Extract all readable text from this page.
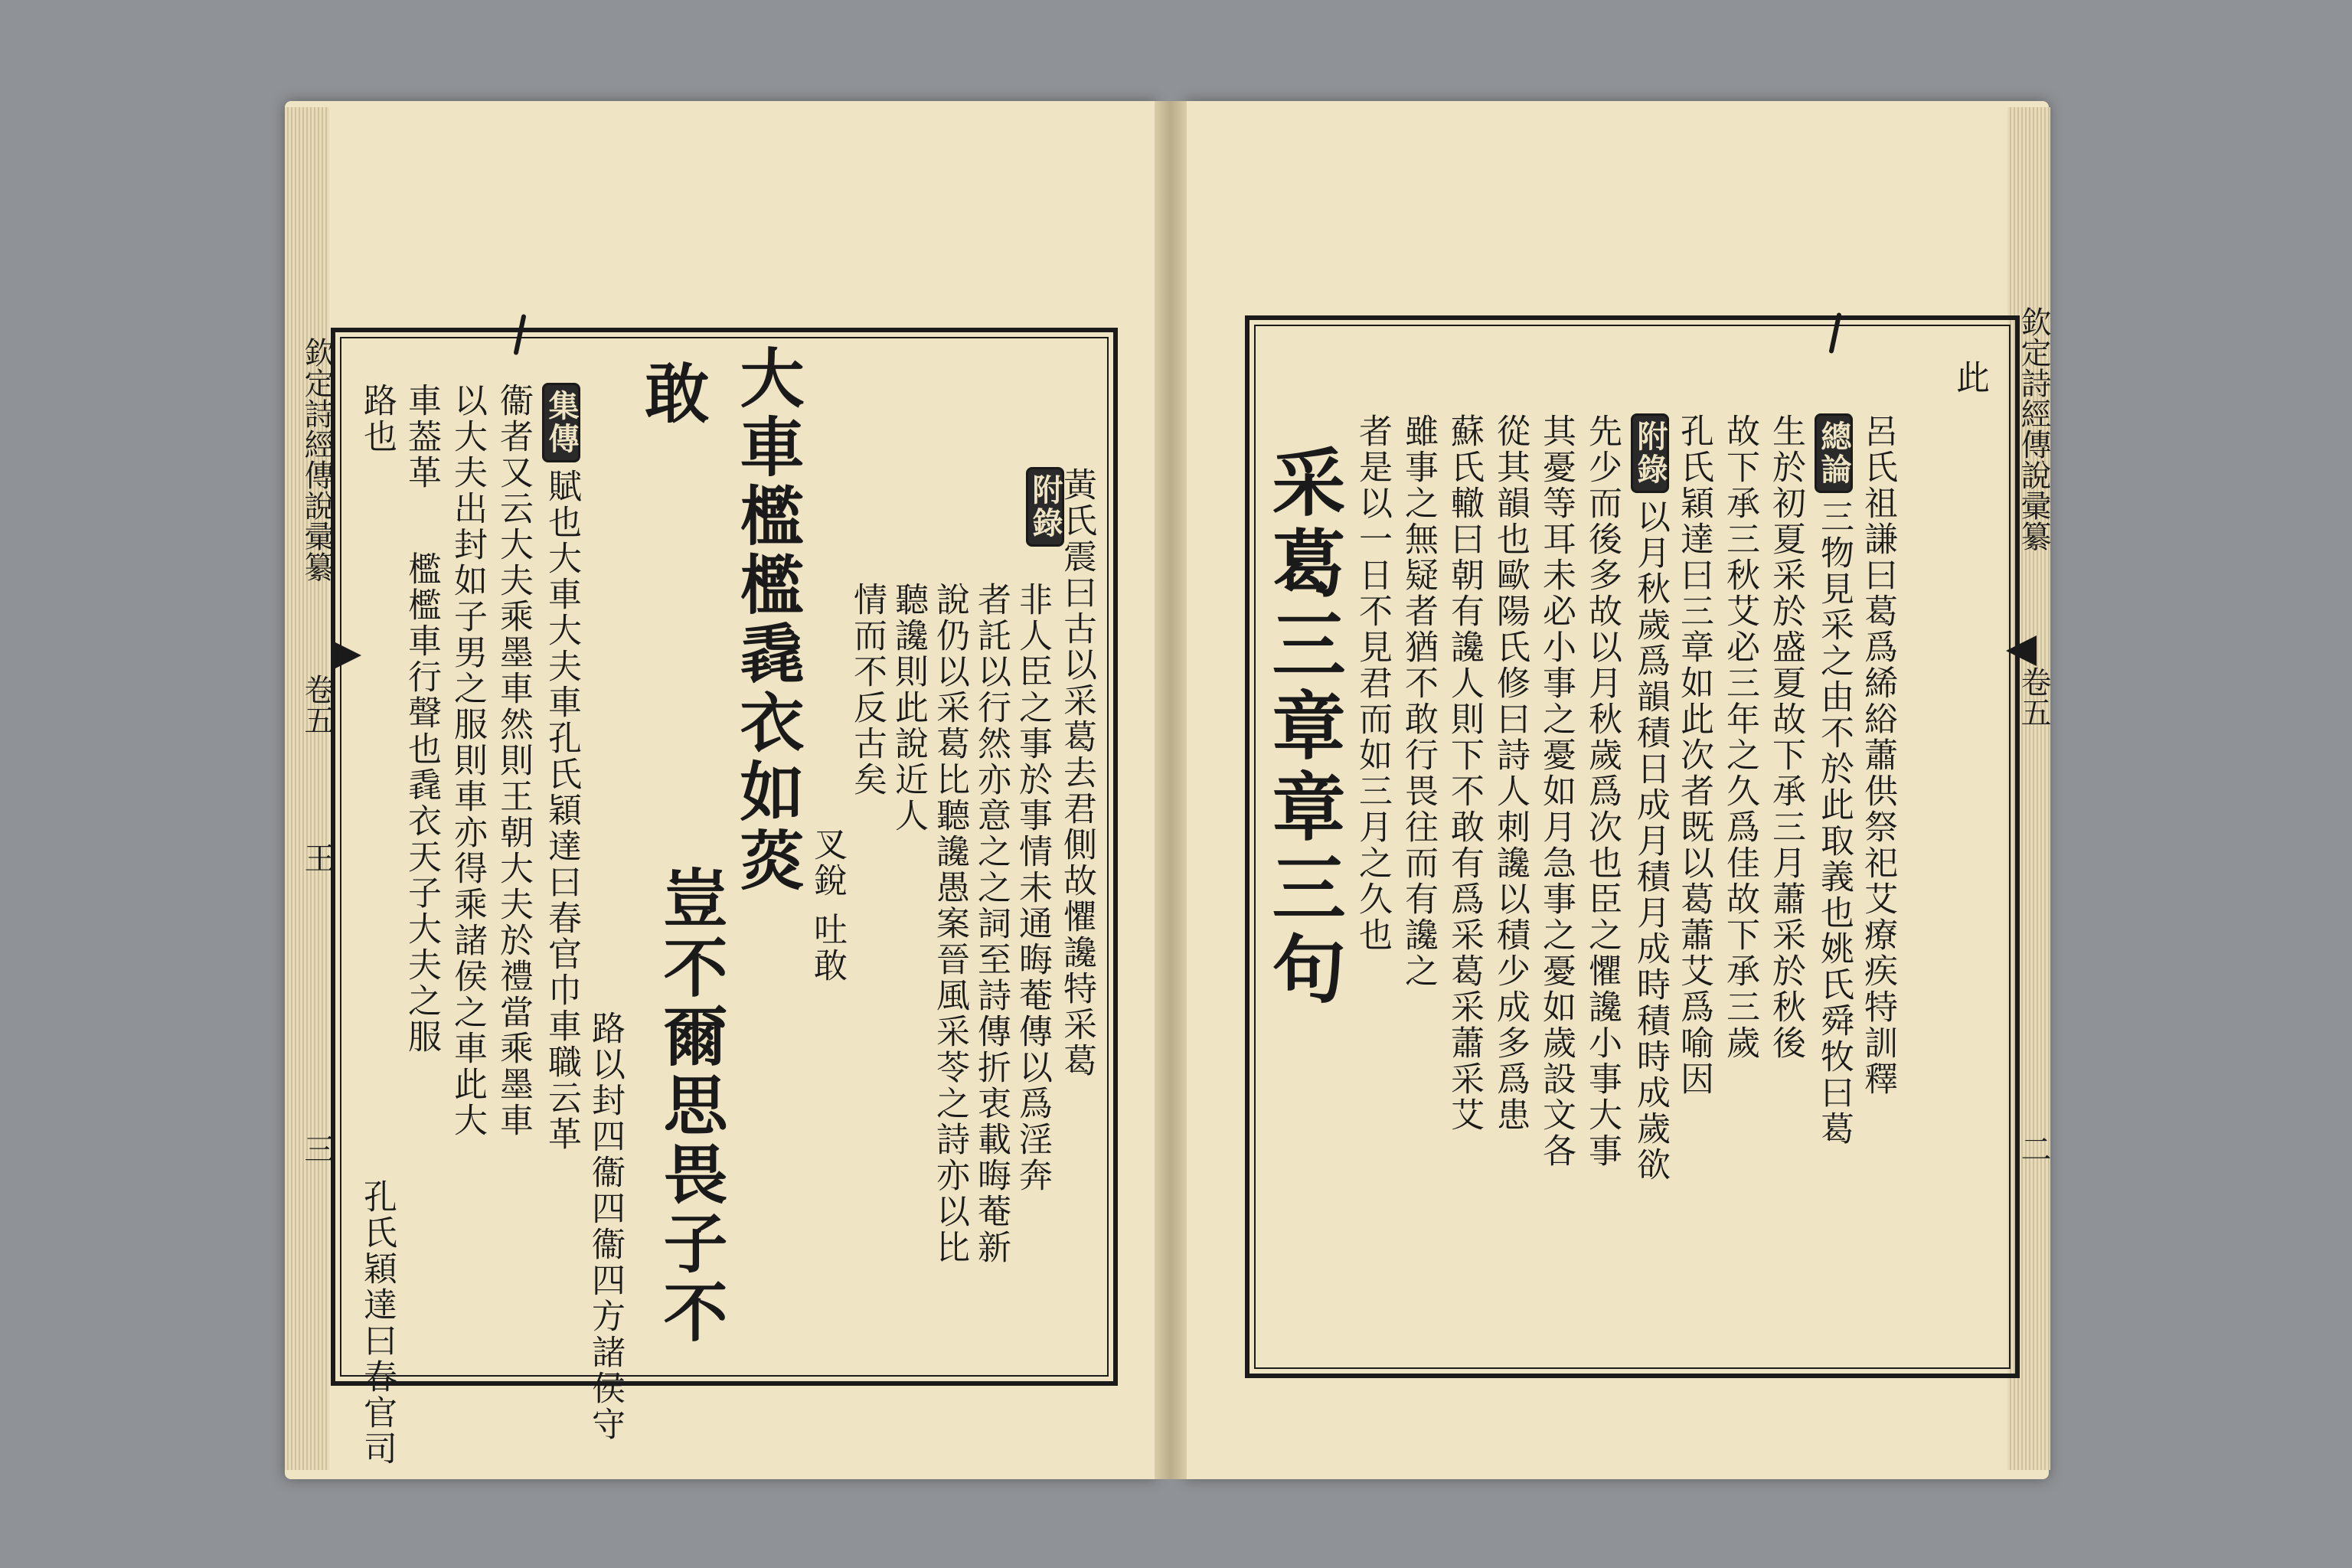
欽定詩經傳說彚纂
卷五
王
三
欽定詩經傳說彚纂
卷五
二
路也
孔氏穎達曰春官司
車葢革
檻檻車行聲也毳衣天子大夫之服 以大夫出封如子男之服則車亦得乘諸侯之車此大 衞者又云大夫乘墨車然則王朝大夫於禮當乘墨車 集傳賦也大車大夫車孔氏穎達曰春官巾車職云革
路以封四衞四衞四方諸侯守
敢 大車檻檻毳衣如菼
叉銳 吐敢
豈不爾思畏子不
情而不反古矣 聽讒則此說近人 說仍以采葛比聽讒愚案晉風采苓之詩亦以比 者託以行然亦意之之詞至詩傳折衷載晦菴新 非人臣之事於事情未通晦菴傳以爲淫奔
附錄
黃氏震曰古以采葛去君側故懼讒特采葛	者是以一日不見君而如三月之久也 雖事之無疑者猶不敢行畏往而有讒之 蘇氏轍曰朝有讒人則下不敢有爲采葛采蕭采艾 從其韻也歐陽氏修曰詩人刺讒以積少成多爲患 其憂等耳未必小事之憂如月急事之憂如歲設文各 先少而後多故以月秋歲爲次也臣之懼讒小事大事 附錄以月秋歲爲韻積日成月積月成時積時成歲欲 孔氏穎達曰三章如此次者既以葛蕭艾爲喻因 故下承三秋艾必三年之久爲佳故下承三歲 生於初夏采於盛夏故下承三月蕭采於秋後 總論三物見采之由不於此取義也姚氏舜牧曰葛 呂氏祖謙曰葛爲絺綌蕭供祭祀艾療疾特訓釋
采葛三章章三句
此
